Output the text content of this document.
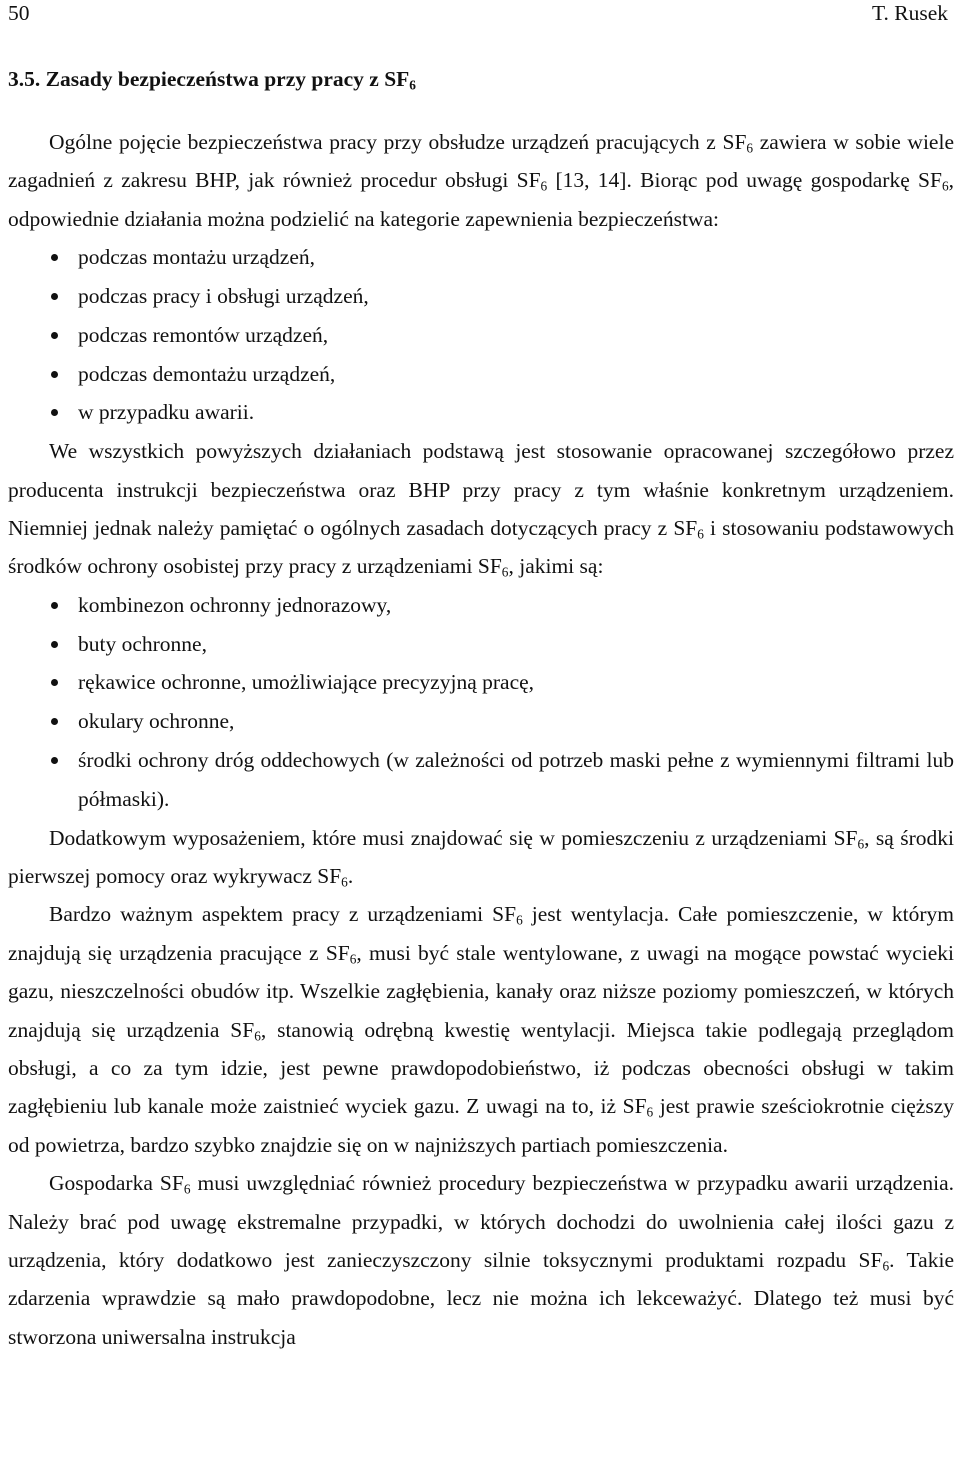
50	T. Rusek
3.5. Zasady bezpieczeństwa przy pracy z $SF_6$

Ogólne pojęcie bezpieczeństwa pracy przy obsłudze urządzeń pracujących z $SF_6$ zawiera w sobie wiele zagadnień z zakresu BHP, jak również procedur obsługi $SF_6$ [13, 14]. Biorąc pod uwagę gospodarkę $SF_6$, odpowiednie działania można podzielić na kategorie zapewnienia bezpieczeństwa:

podczas montażu urządzeń,
podczas pracy i obsługi urządzeń,
podczas remontów urządzeń,
podczas demontażu urządzeń,
w przypadku awarii.

We wszystkich powyższych działaniach podstawą jest stosowanie opracowanej szczegółowo przez producenta instrukcji bezpieczeństwa oraz BHP przy pracy z tym właśnie konkretnym urządzeniem. Niemniej jednak należy pamiętać o ogólnych zasadach dotyczących pracy z $SF_6$ i stosowaniu podstawowych środków ochrony osobistej przy pracy z urządzeniami $SF_6$, jakimi są:

kombinezon ochronny jednorazowy,
buty ochronne,
rękawice ochronne, umożliwiające precyzyjną pracę,
okulary ochronne,
środki ochrony dróg oddechowych (w zależności od potrzeb maski pełne z wymiennymi filtrami lub półmaski).

Dodatkowym wyposażeniem, które musi znajdować się w pomieszczeniu z urządzeniami $SF_6$, są środki pierwszej pomocy oraz wykrywacz $SF_6$.

Bardzo ważnym aspektem pracy z urządzeniami $SF_6$ jest wentylacja. Całe pomieszczenie, w którym znajdują się urządzenia pracujące z $SF_6$, musi być stale wentylowane, z uwagi na mogące powstać wycieki gazu, nieszczelności obudów itp. Wszelkie zagłębienia, kanały oraz niższe poziomy pomieszczeń, w których znajdują się urządzenia $SF_6$, stanowią odrębną kwestię wentylacji. Miejsca takie podlegają przeglądom obsługi, a co za tym idzie, jest pewne prawdopodobieństwo, iż podczas obecności obsługi w takim zagłębieniu lub kanale może zaistnieć wyciek gazu. Z uwagi na to, iż $SF_6$ jest prawie sześciokrotnie cięższy od powietrza, bardzo szybko znajdzie się on w najniższych partiach pomieszczenia.

Gospodarka $SF_6$ musi uwzględniać również procedury bezpieczeństwa w przypadku awarii urządzenia. Należy brać pod uwagę ekstremalne przypadki, w których dochodzi do uwolnienia całej ilości gazu z urządzenia, który dodatkowo jest zanieczyszczony silnie toksycznymi produktami rozpadu $SF_6$. Takie zdarzenia wprawdzie są mało prawdopodobne, lecz nie można ich lekceważyć. Dlatego też musi być stworzona uniwersalna instrukcja
